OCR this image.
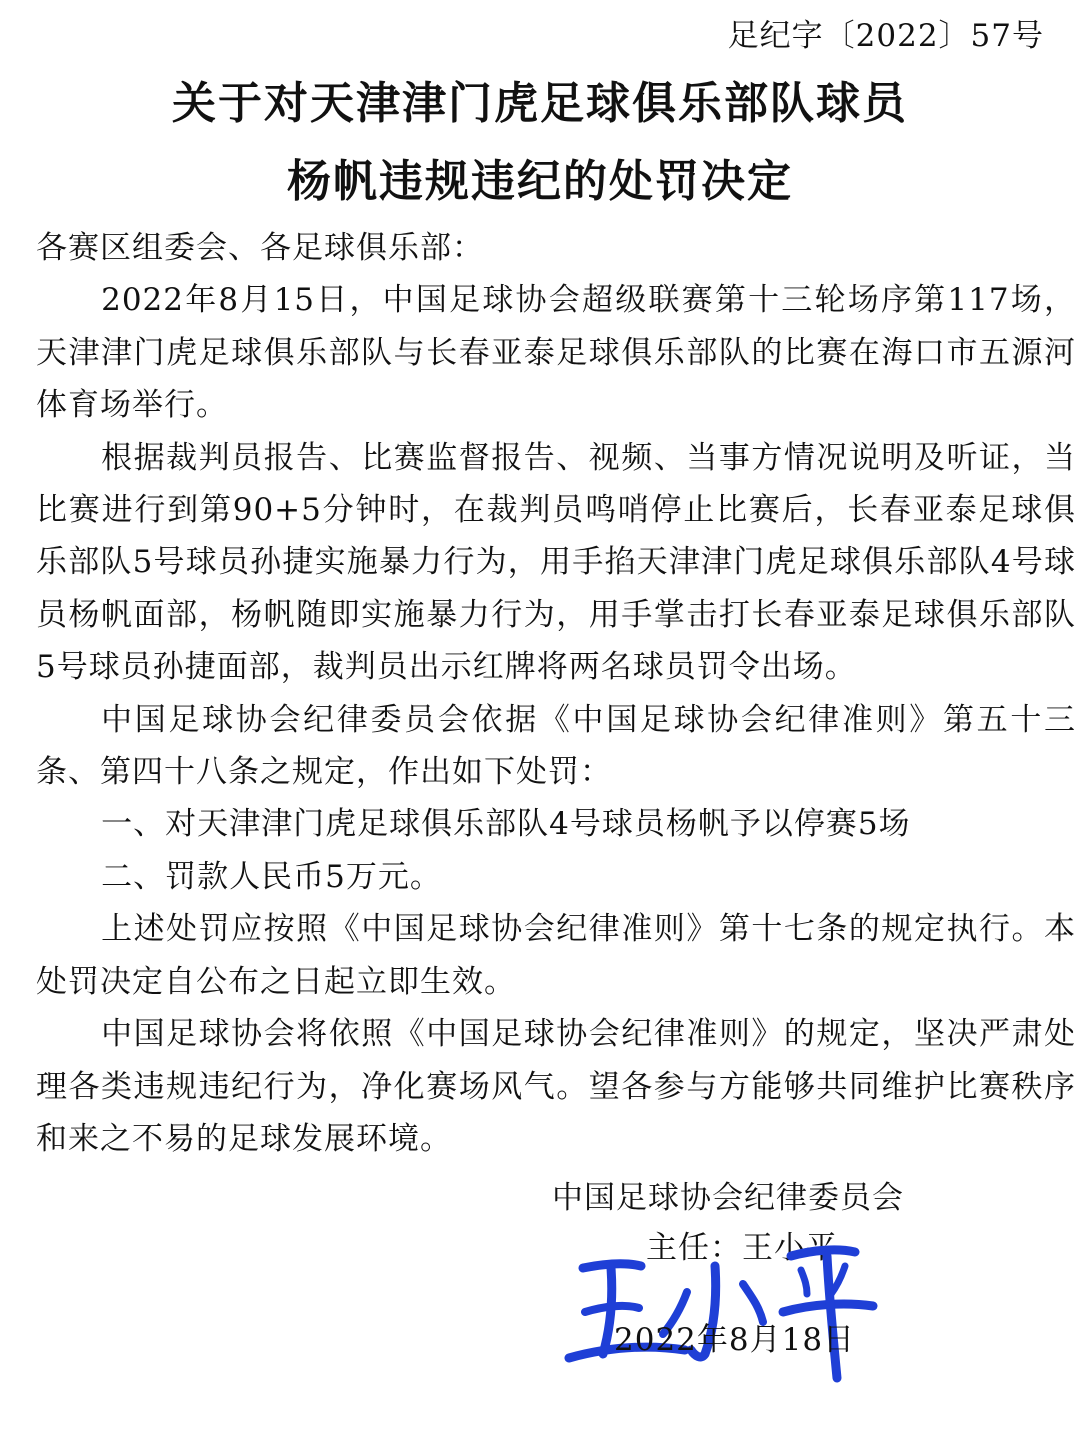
足纪字〔2022〕57号
关于对天津津门虎足球俱乐部队球员
杨帆违规违纪的处罚决定

各赛区组委会、各足球俱乐部：

2022年8月15日，中国足球协会超级联赛第十三轮场序第117场，天津津门虎足球俱乐部队与长春亚泰足球俱乐部队的比赛在海口市五源河体育场举行。

根据裁判员报告、比赛监督报告、视频、当事方情况说明及听证，当比赛进行到第90+5分钟时，在裁判员鸣哨停止比赛后，长春亚泰足球俱乐部队5号球员孙捷实施暴力行为，用手掐天津津门虎足球俱乐部队4号球员杨帆面部，杨帆随即实施暴力行为，用手掌击打长春亚泰足球俱乐部队5号球员孙捷面部，裁判员出示红牌将两名球员罚令出场。

中国足球协会纪律委员会依据《中国足球协会纪律准则》第五十三条、第四十八条之规定，作出如下处罚：

一、对天津津门虎足球俱乐部队4号球员杨帆予以停赛5场

二、罚款人民币5万元。

上述处罚应按照《中国足球协会纪律准则》第十七条的规定执行。本处罚决定自公布之日起立即生效。

中国足球协会将依照《中国足球协会纪律准则》的规定，坚决严肃处理各类违规违纪行为，净化赛场风气。望各参与方能够共同维护比赛秩序和来之不易的足球发展环境。

中国足球协会纪律委员会
主任：王小平
2022年8月18日
